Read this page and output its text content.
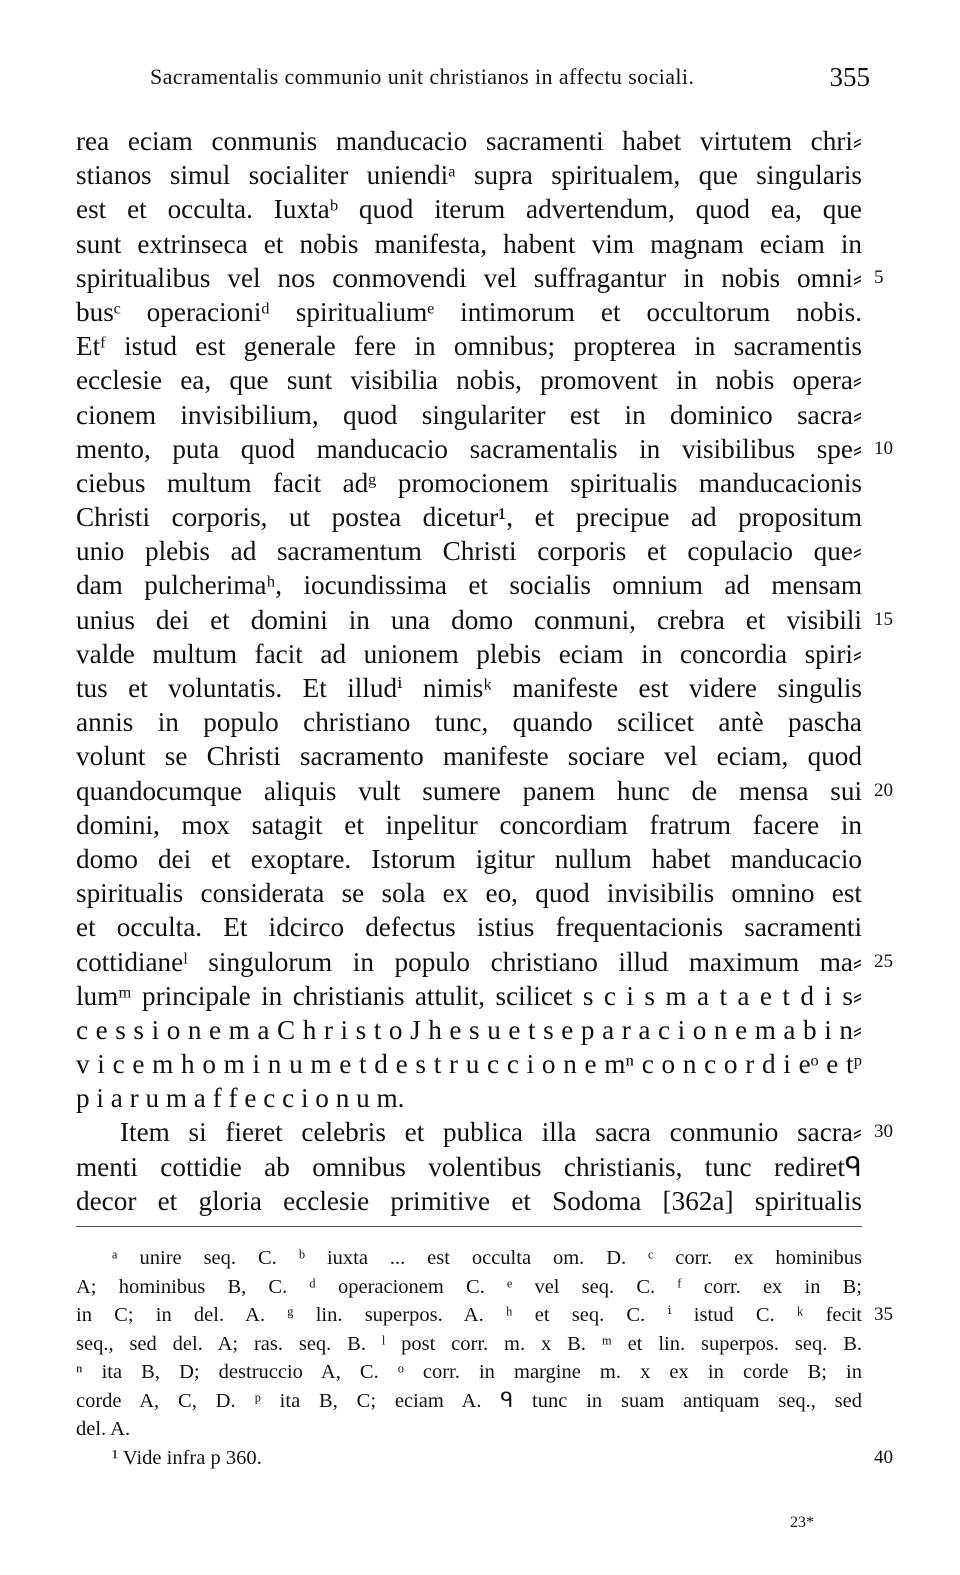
Sacramentalis communio unit christianos in affectu sociali.	355
rea eciam conmunis manducacio sacramenti habet virtutem chri⸗
stianos simul socialiter uniendiᵃ supra spiritualem, que singularis
est et occulta. Iuxtaᵇ quod iterum advertendum, quod ea, que
sunt extrinseca et nobis manifesta, habent vim magnam eciam in
spiritualibus vel nos conmovendi vel suffragantur in nobis omni⸗ 5
busᶜ operacioniᵈ spiritualiumᵉ intimorum et occultorum nobis.
Etᶠ istud est generale fere in omnibus; propterea in sacramentis
ecclesie ea, que sunt visibilia nobis, promovent in nobis opera⸗
cionem invisibilium, quod singulariter est in dominico sacra⸗
mento, puta quod manducacio sacramentalis in visibilibus spe⸗ 10
ciebus multum facit adᵍ promocionem spiritualis manducacionis
Christi corporis, ut postea dicetur¹, et precipue ad propositum
unio plebis ad sacramentum Christi corporis et copulacio que⸗
dam pulcherimaʰ, iocundissima et socialis omnium ad mensam
unius dei et domini in una domo conmuni, crebra et visibili 15
valde multum facit ad unionem plebis eciam in concordia spiri⸗
tus et voluntatis. Et illudⁱ nimisᵏ manifeste est videre singulis
annis in populo christiano tunc, quando scilicet antè pascha
volunt se Christi sacramento manifeste sociare vel eciam, quod
quandocumque aliquis vult sumere panem hunc de mensa sui 20
domini, mox satagit et inpelitur concordiam fratrum facere in
domo dei et exoptare. Istorum igitur nullum habet manducacio
spiritualis considerata se sola ex eo, quod invisibilis omnino est
et occulta. Et idcirco defectus istius frequentacionis sacramenti
cottidianeˡ singulorum in populo christiano illud maximum ma⸗ 25
lumᵐ principale in christianis attulit, scilicet s c i s m a t a e t d i s⸗
c e s s i o n e m a C h r i s t o J h e s u e t s e p a r a c i o n e m a b i n⸗
v i c e m h o m i n u m e t d e s t r u c c i o n e mⁿ c o n c o r d i eᵒ e tᵖ
p i a r u m a f f e c c i o n u m.
Item si fieret celebris et publica illa sacra conmunio sacra⸗ 30
menti cottidie ab omnibus volentibus christianis, tunc rediretᑫ
decor et gloria ecclesie primitive et Sodoma [362a] spiritualis
ᵃ unire seq. C. ᵇ iuxta ... est occulta om. D. ᶜ corr. ex hominibus
A; hominibus B, C. ᵈ operacionem C. ᵉ vel seq. C. ᶠ corr. ex in B;
in C; in del. A. ᵍ lin. superpos. A. ʰ et seq. C. ⁱ istud C. ᵏ fecit 35
seq., sed del. A; ras. seq. B. ˡ post corr. m. x B. ᵐ et lin. superpos. seq. B.
ⁿ ita B, D; destruccio A, C. ᵒ corr. in margine m. x ex in corde B; in
corde A, C, D. ᵖ ita B, C; eciam A. ᑫ tunc in suam antiquam seq., sed
del. A.
¹ Vide infra p 360.	40
23*
